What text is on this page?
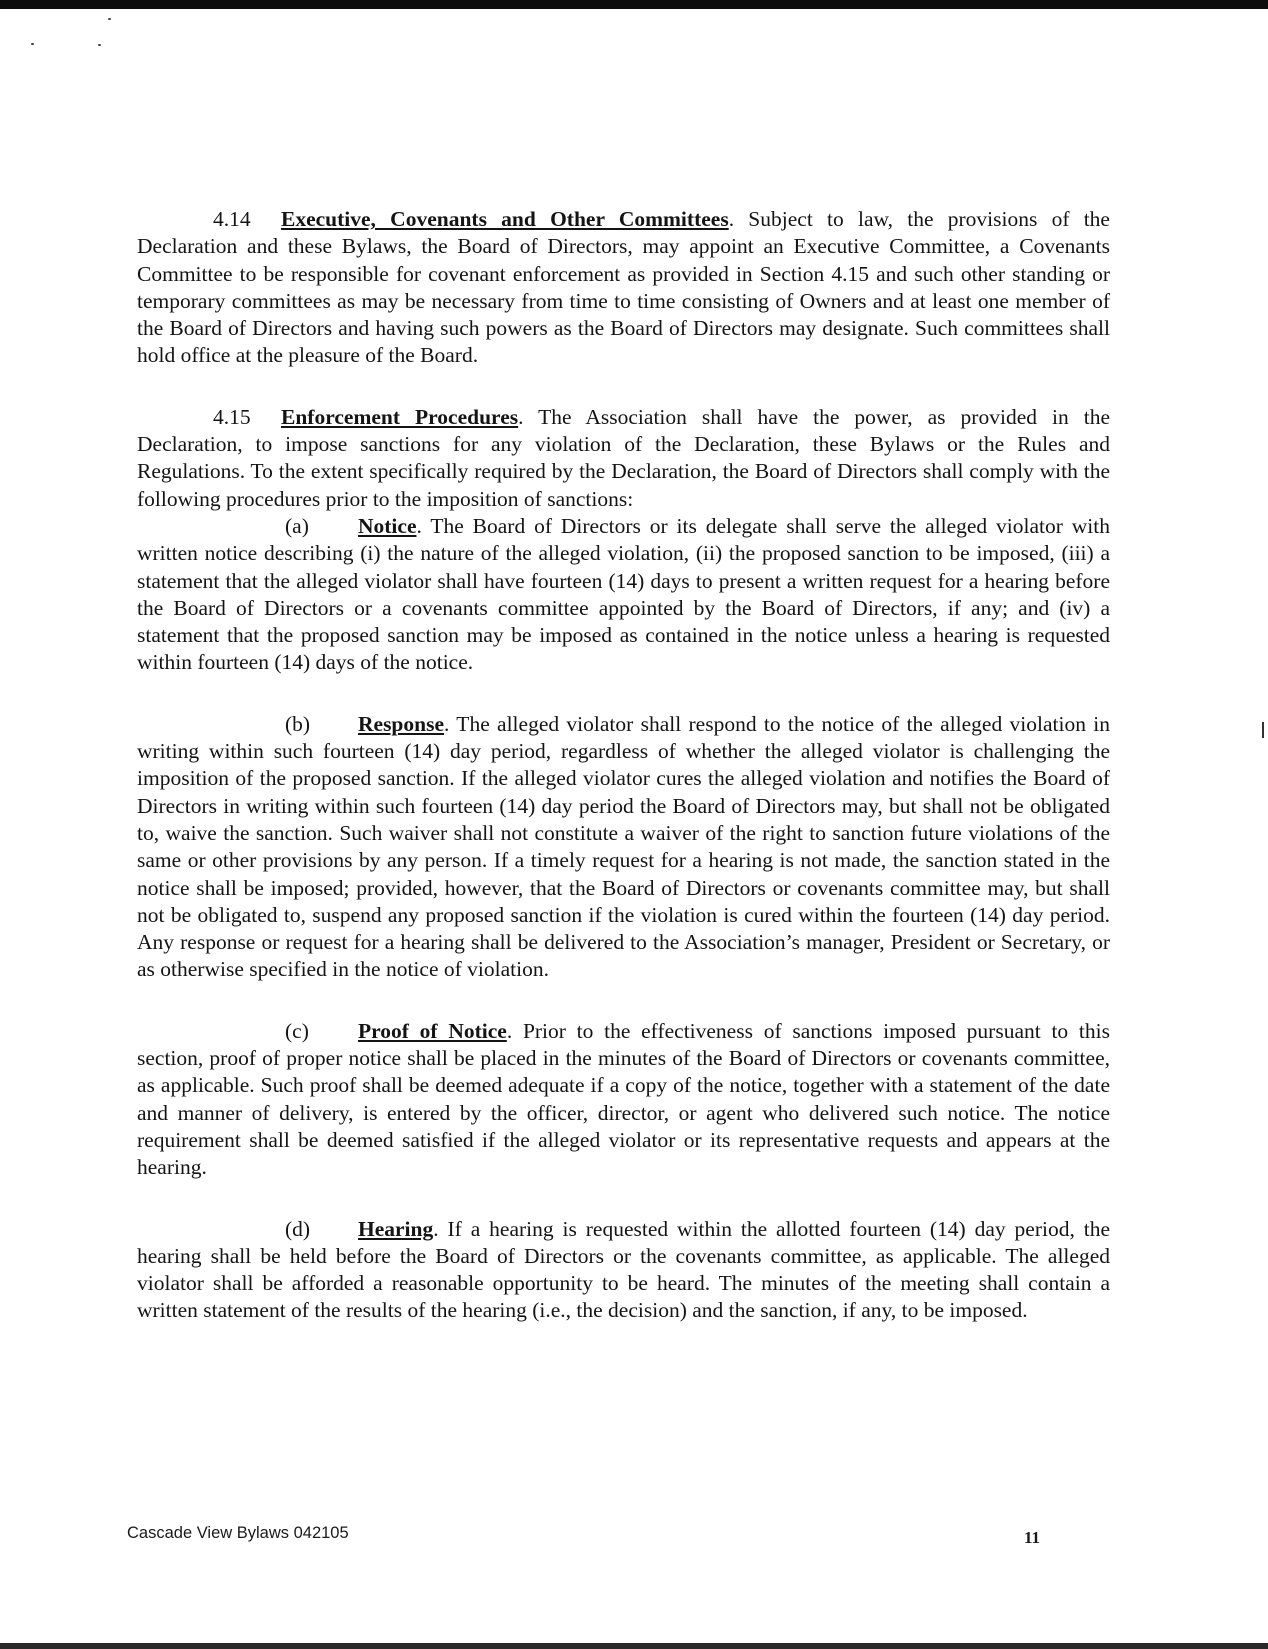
4.14 Executive, Covenants and Other Committees. Subject to law, the provisions of the Declaration and these Bylaws, the Board of Directors, may appoint an Executive Committee, a Covenants Committee to be responsible for covenant enforcement as provided in Section 4.15 and such other standing or temporary committees as may be necessary from time to time consisting of Owners and at least one member of the Board of Directors and having such powers as the Board of Directors may designate. Such committees shall hold office at the pleasure of the Board.

4.15 Enforcement Procedures. The Association shall have the power, as provided in the Declaration, to impose sanctions for any violation of the Declaration, these Bylaws or the Rules and Regulations. To the extent specifically required by the Declaration, the Board of Directors shall comply with the following procedures prior to the imposition of sanctions:

(a) Notice. The Board of Directors or its delegate shall serve the alleged violator with written notice describing (i) the nature of the alleged violation, (ii) the proposed sanction to be imposed, (iii) a statement that the alleged violator shall have fourteen (14) days to present a written request for a hearing before the Board of Directors or a covenants committee appointed by the Board of Directors, if any; and (iv) a statement that the proposed sanction may be imposed as contained in the notice unless a hearing is requested within fourteen (14) days of the notice.

(b) Response. The alleged violator shall respond to the notice of the alleged violation in writing within such fourteen (14) day period, regardless of whether the alleged violator is challenging the imposition of the proposed sanction. If the alleged violator cures the alleged violation and notifies the Board of Directors in writing within such fourteen (14) day period the Board of Directors may, but shall not be obligated to, waive the sanction. Such waiver shall not constitute a waiver of the right to sanction future violations of the same or other provisions by any person. If a timely request for a hearing is not made, the sanction stated in the notice shall be imposed; provided, however, that the Board of Directors or covenants committee may, but shall not be obligated to, suspend any proposed sanction if the violation is cured within the fourteen (14) day period. Any response or request for a hearing shall be delivered to the Association’s manager, President or Secretary, or as otherwise specified in the notice of violation.

(c) Proof of Notice. Prior to the effectiveness of sanctions imposed pursuant to this section, proof of proper notice shall be placed in the minutes of the Board of Directors or covenants committee, as applicable. Such proof shall be deemed adequate if a copy of the notice, together with a statement of the date and manner of delivery, is entered by the officer, director, or agent who delivered such notice. The notice requirement shall be deemed satisfied if the alleged violator or its representative requests and appears at the hearing.

(d) Hearing. If a hearing is requested within the allotted fourteen (14) day period, the hearing shall be held before the Board of Directors or the covenants committee, as applicable. The alleged violator shall be afforded a reasonable opportunity to be heard. The minutes of the meeting shall contain a written statement of the results of the hearing (i.e., the decision) and the sanction, if any, to be imposed.

Cascade View Bylaws 042105	11
